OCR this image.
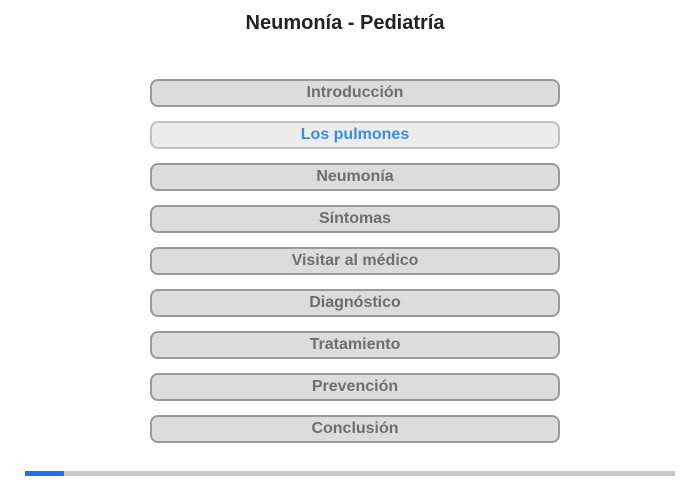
Neumonía - Pediatría
Introducción
Los pulmones
Neumonía
Síntomas
Visitar al médico
Diagnóstico
Tratamiento
Prevención
Conclusión
